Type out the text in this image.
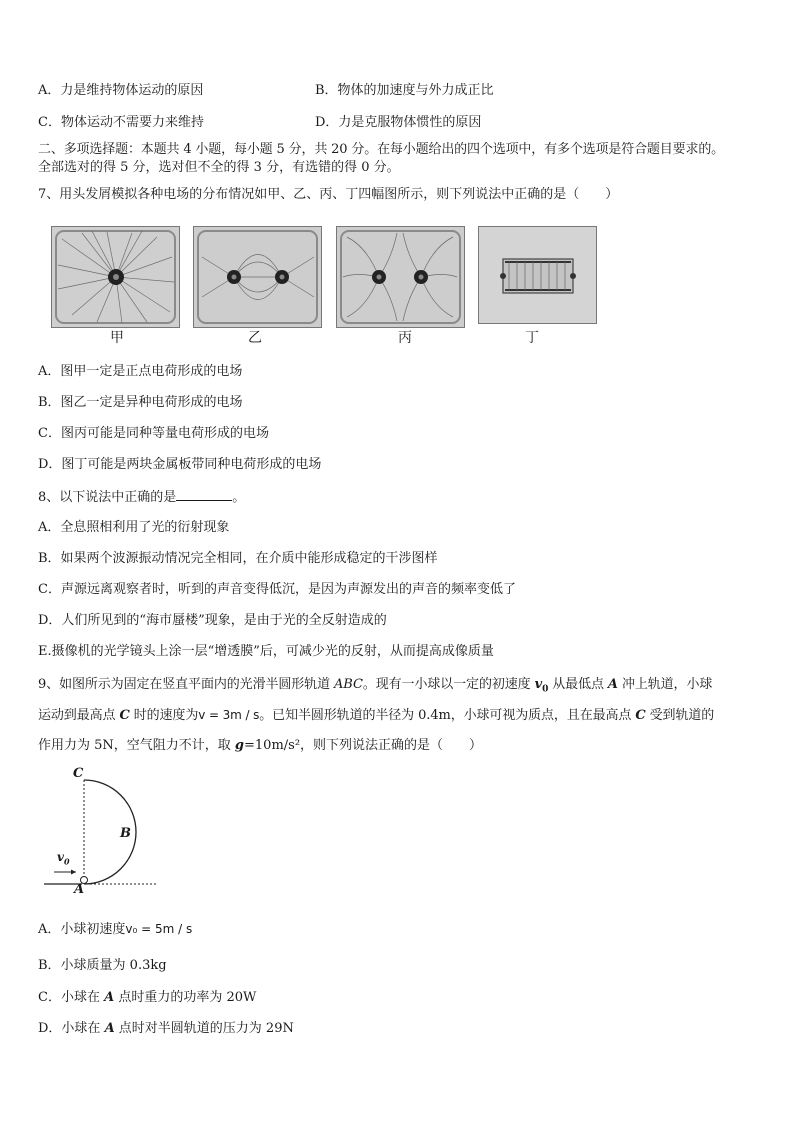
A．力是维持物体运动的原因	B．物体的加速度与外力成正比
C．物体运动不需要力来维持	D．力是克服物体惯性的原因
二、多项选择题：本题共 4 小题，每小题 5 分，共 20 分。在每小题给出的四个选项中，有多个选项是符合题目要求的。
全部选对的得 5 分，选对但不全的得 3 分，有选错的得 0 分。
7、用头发屑模拟各种电场的分布情况如甲、乙、丙、丁四幅图所示，则下列说法中正确的是（　　）
甲	乙	丙	丁
A．图甲一定是正点电荷形成的电场
B．图乙一定是异种电荷形成的电场
C．图丙可能是同种等量电荷形成的电场
D．图丁可能是两块金属板带同种电荷形成的电场
8、以下说法中正确的是	。
A．全息照相利用了光的衍射现象
B．如果两个波源振动情况完全相同，在介质中能形成稳定的干涉图样
C．声源远离观察者时，听到的声音变得低沉，是因为声源发出的声音的频率变低了
D．人们所见到的“海市蜃楼”现象，是由于光的全反射造成的
E.摄像机的光学镜头上涂一层“增透膜”后，可减少光的反射，从而提高成像质量
9、如图所示为固定在竖直平面内的光滑半圆形轨道 ABC。现有一小球以一定的初速度 $v_0$ 从最低点 A 冲上轨道，小球
运动到最高点 C 时的速度为v = 3m / s。已知半圆形轨道的半径为 0.4m，小球可视为质点，且在最高点 C 受到轨道的
作用力为 5N，空气阻力不计，取 g=10m/s²，则下列说法正确的是（　　）
C
B
A
$v_0$
A．小球初速度v₀ = 5m / s
B．小球质量为 0.3kg
C．小球在 A 点时重力的功率为 20W
D．小球在 A 点时对半圆轨道的压力为 29N
